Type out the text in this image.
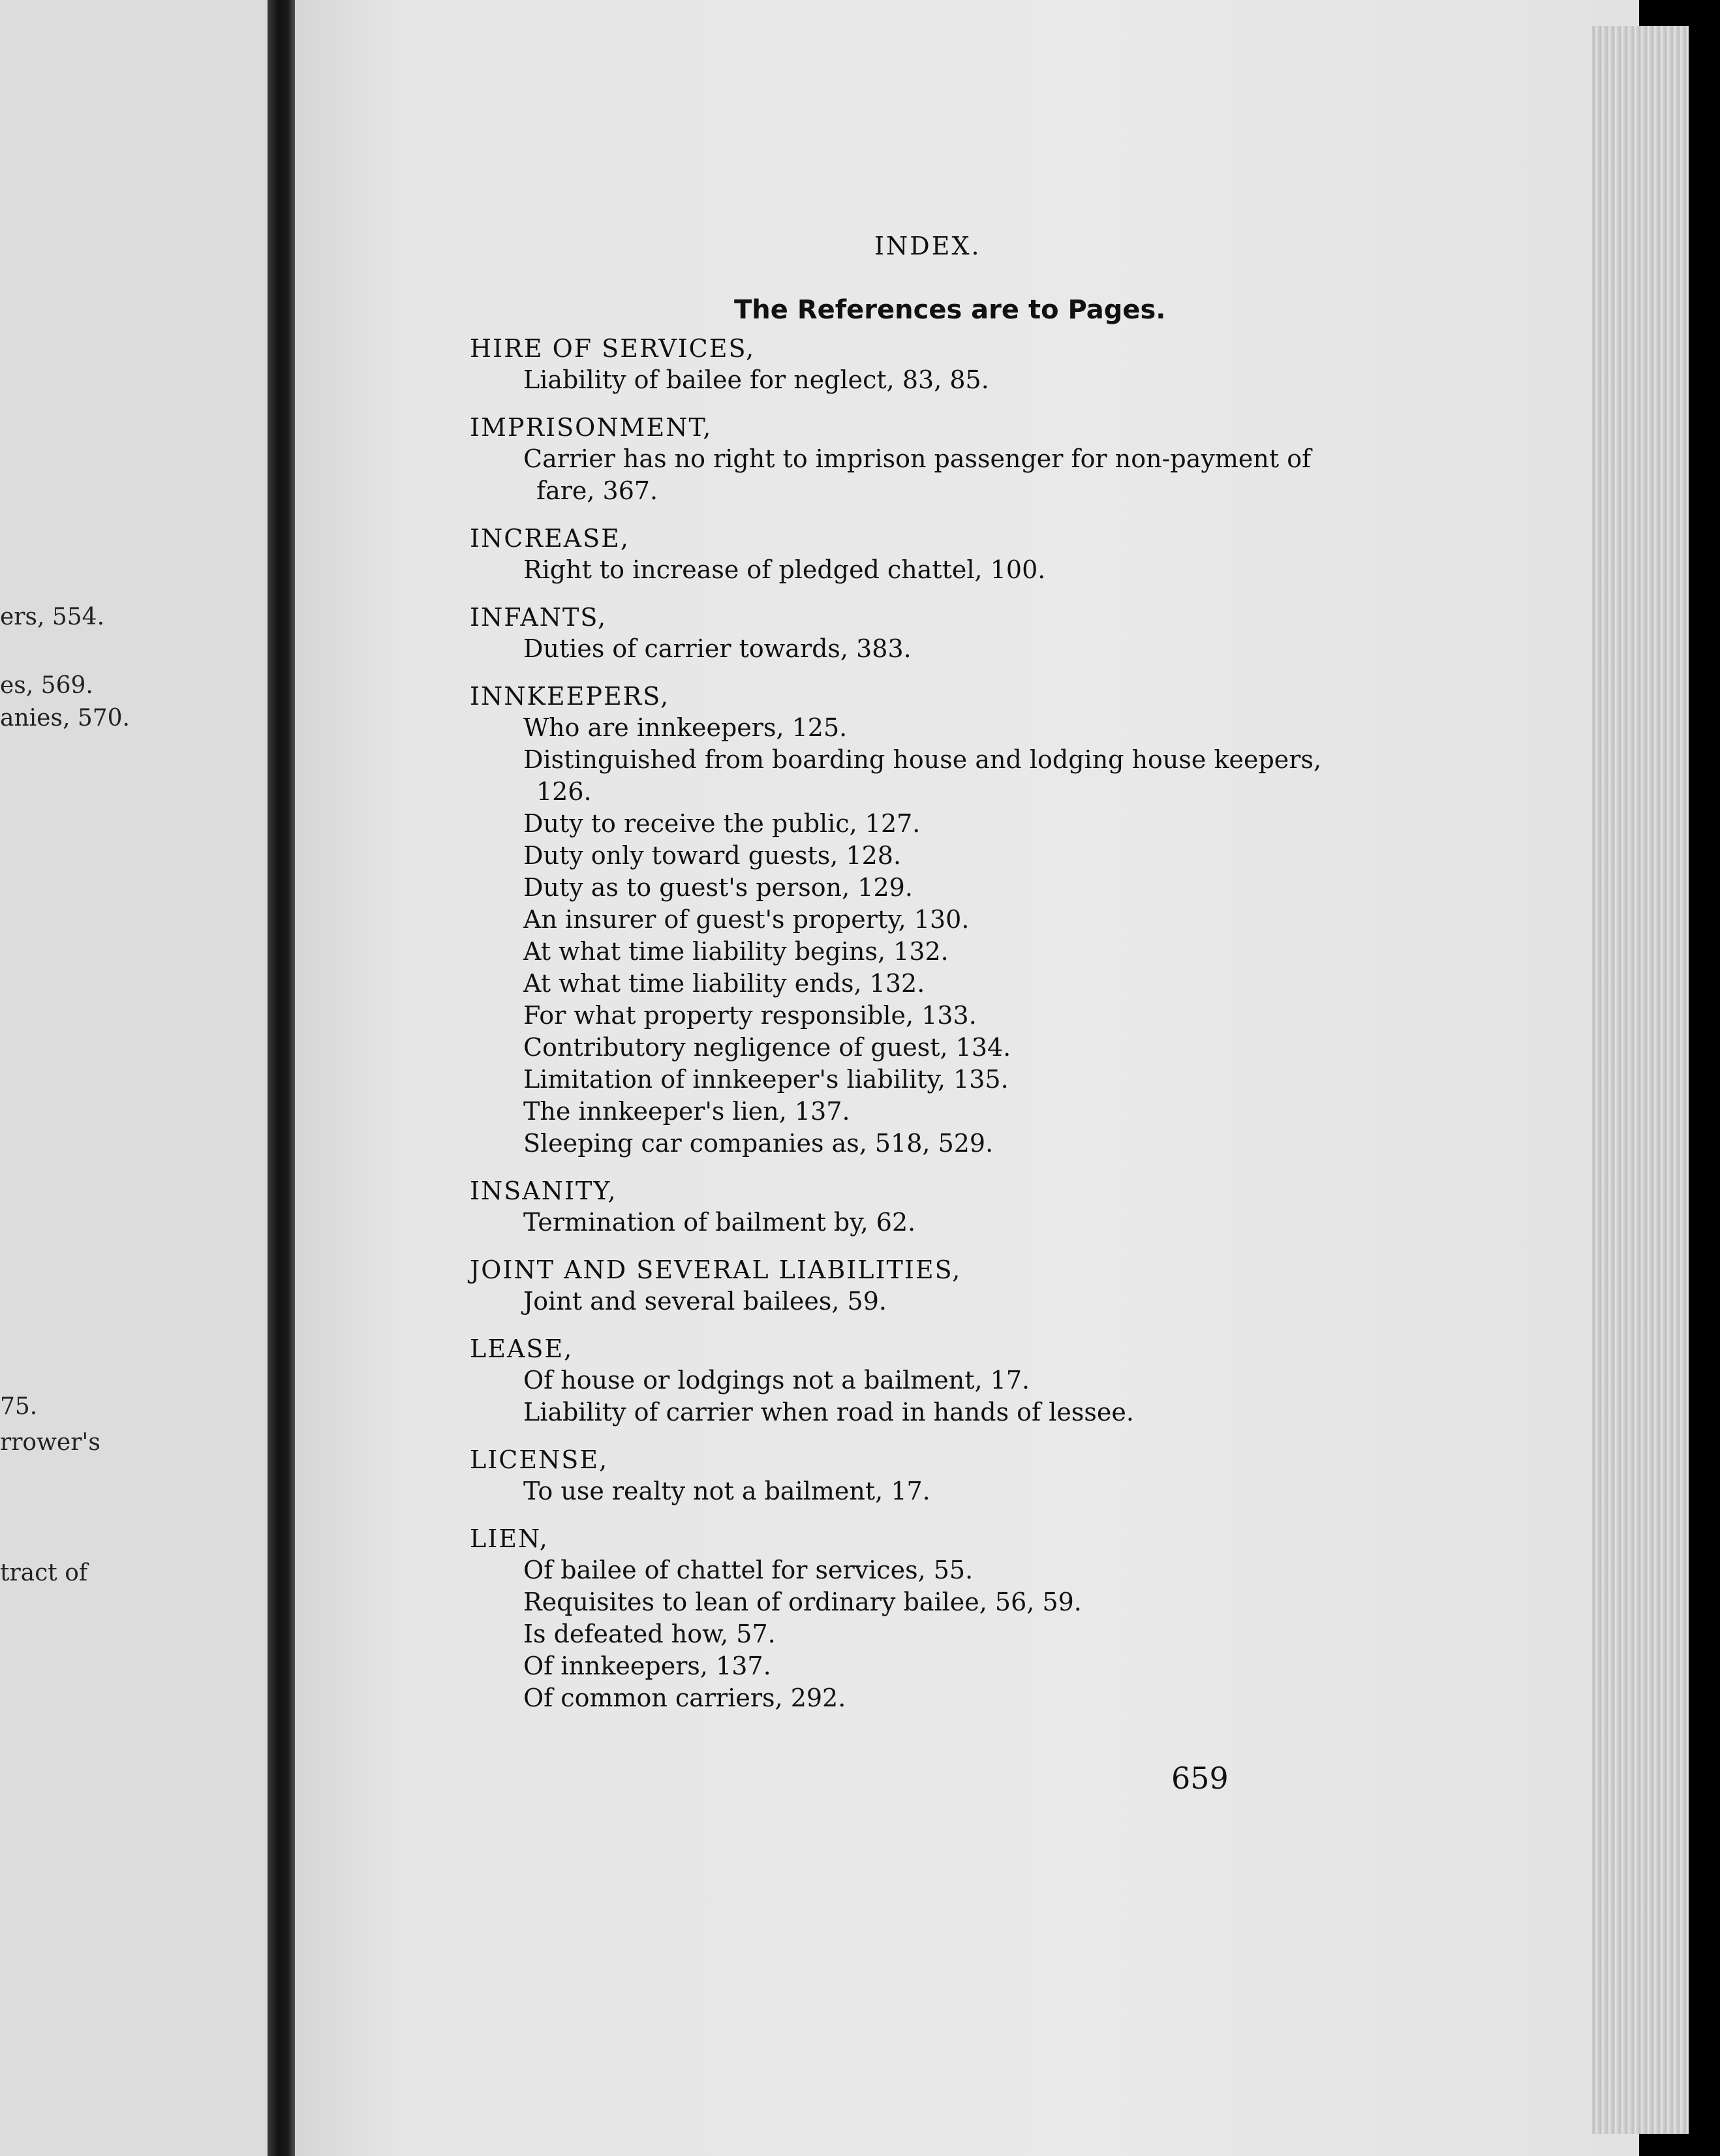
ers, 554.
es, 569.
anies, 570.
75.
rrower's
tract of
INDEX.
The References are to Pages.
HIRE OF SERVICES,
Liability of bailee for neglect, 83, 85.
IMPRISONMENT,
Carrier has no right to imprison passenger for non-payment of fare, 367.
INCREASE,
Right to increase of pledged chattel, 100.
INFANTS,
Duties of carrier towards, 383.
INNKEEPERS,
Who are innkeepers, 125.
Distinguished from boarding house and lodging house keepers, 126.
Duty to receive the public, 127.
Duty only toward guests, 128.
Duty as to guest's person, 129.
An insurer of guest's property, 130.
At what time liability begins, 132.
At what time liability ends, 132.
For what property responsible, 133.
Contributory negligence of guest, 134.
Limitation of innkeeper's liability, 135.
The innkeeper's lien, 137.
Sleeping car companies as, 518, 529.
INSANITY,
Termination of bailment by, 62.
JOINT AND SEVERAL LIABILITIES,
Joint and several bailees, 59.
LEASE,
Of house or lodgings not a bailment, 17.
Liability of carrier when road in hands of lessee.
LICENSE,
To use realty not a bailment, 17.
LIEN,
Of bailee of chattel for services, 55.
Requisites to lean of ordinary bailee, 56, 59.
Is defeated how, 57.
Of innkeepers, 137.
Of common carriers, 292.
659
